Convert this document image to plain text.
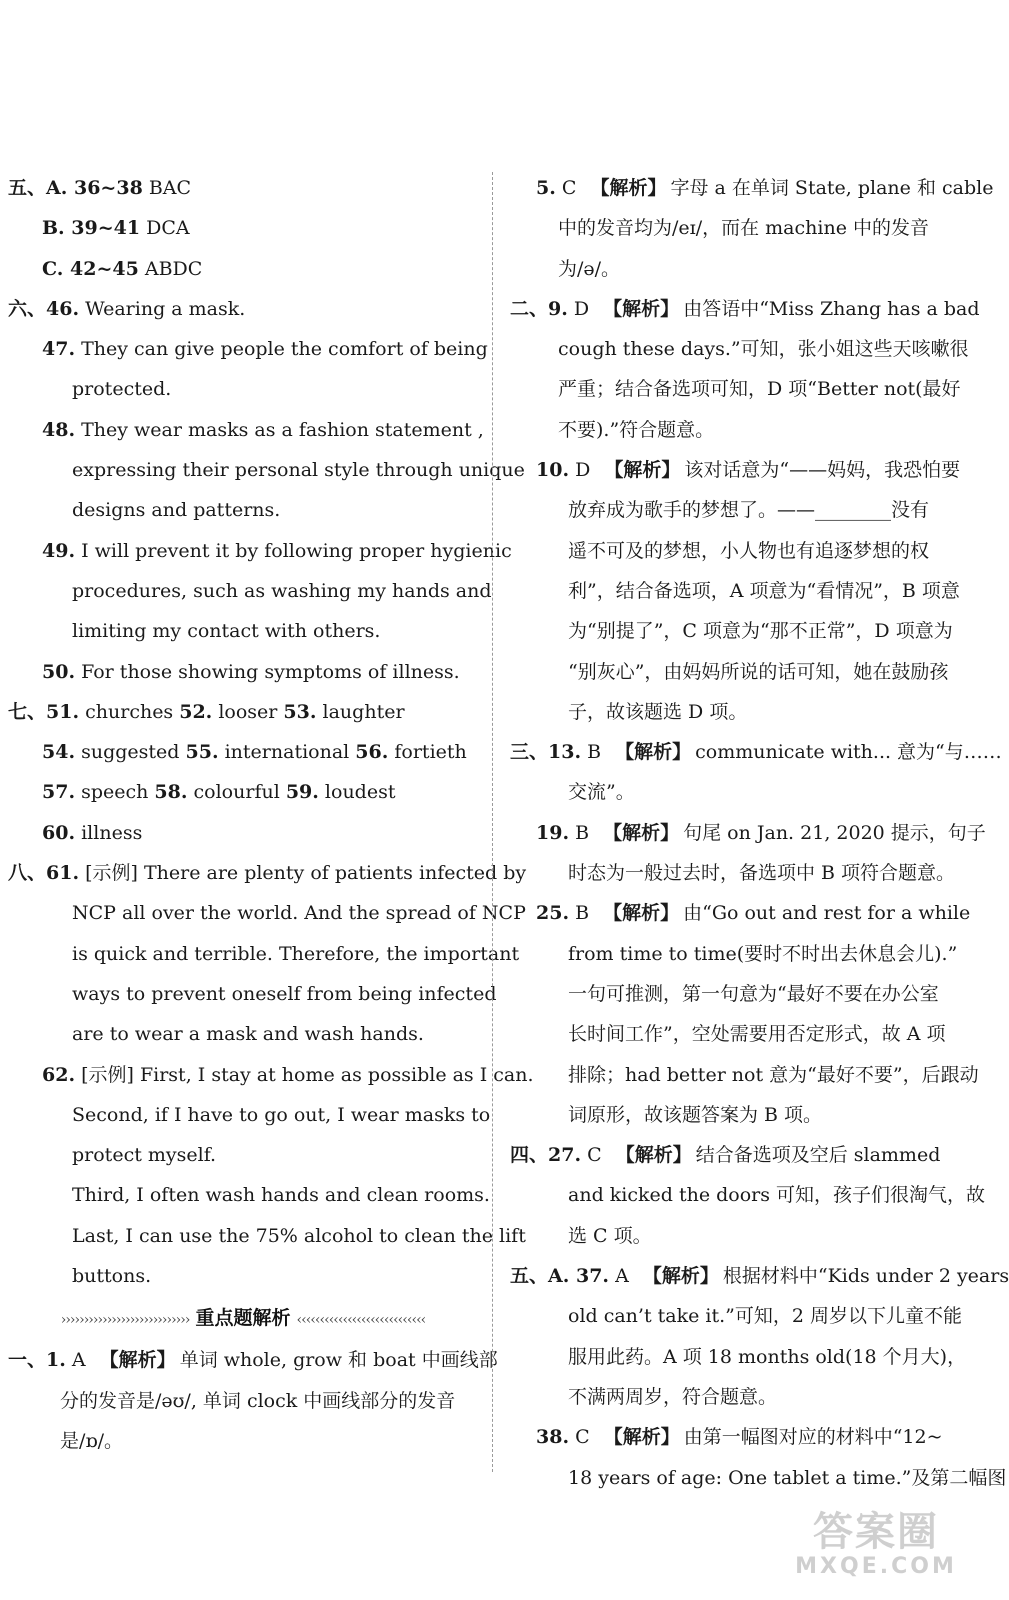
五、A. 36~38 BAC
B. 39~41 DCA
C. 42~45 ABDC
六、46. Wearing a mask.
47. They can give people the comfort of being
protected.
48. They wear masks as a fashion statement ,
expressing their personal style through unique
designs and patterns.
49. I will prevent it by following proper hygienic
procedures, such as washing my hands and
limiting my contact with others.
50. For those showing symptoms of illness.
七、51. churches 52. looser 53. laughter
54. suggested 55. international 56. fortieth
57. speech 58. colourful 59. loudest
60. illness
八、61. [示例] There are plenty of patients infected by
NCP all over the world. And the spread of NCP
is quick and terrible. Therefore, the important
ways to prevent oneself from being infected
are to wear a mask and wash hands.
62. [示例] First, I stay at home as possible as I can.
Second, if I have to go out, I wear masks to
protect myself.
Third, I often wash hands and clean rooms.
Last, I can use the 75% alcohol to clean the lift
buttons.
›››››››››››››››››››››››››››› 重点题解析 ‹‹‹‹‹‹‹‹‹‹‹‹‹‹‹‹‹‹‹‹‹‹‹‹‹‹‹‹
一、1. A 【解析】 单词 whole, grow 和 boat 中画线部
分的发音是/əʊ/, 单词 clock 中画线部分的发音
是/ɒ/。
5. C 【解析】 字母 a 在单词 State, plane 和 cable
中的发音均为/eɪ/，而在 machine 中的发音
为/ə/。
二、9. D 【解析】 由答语中“Miss Zhang has a bad
cough these days.”可知，张小姐这些天咳嗽很
严重；结合备选项可知，D 项“Better not(最好
不要).”符合题意。
10. D 【解析】 该对话意为“——妈妈，我恐怕要
放弃成为歌手的梦想了。——________没有
遥不可及的梦想，小人物也有追逐梦想的权
利”，结合备选项，A 项意为“看情况”，B 项意
为“别提了”，C 项意为“那不正常”，D 项意为
“别灰心”，由妈妈所说的话可知，她在鼓励孩
子，故该题选 D 项。
三、13. B 【解析】 communicate with... 意为“与……
交流”。
19. B 【解析】 句尾 on Jan. 21, 2020 提示，句子
时态为一般过去时，备选项中 B 项符合题意。
25. B 【解析】 由“Go out and rest for a while
from time to time(要时不时出去休息会儿).”
一句可推测，第一句意为“最好不要在办公室
长时间工作”，空处需要用否定形式，故 A 项
排除；had better not 意为“最好不要”，后跟动
词原形，故该题答案为 B 项。
四、27. C 【解析】 结合备选项及空后 slammed
and kicked the doors 可知，孩子们很淘气，故
选 C 项。
五、A. 37. A 【解析】 根据材料中“Kids under 2 years
old can’t take it.”可知，2 周岁以下儿童不能
服用此药。A 项 18 months old(18 个月大)，
不满两周岁，符合题意。
38. C 【解析】 由第一幅图对应的材料中“12~
18 years of age: One tablet a time.”及第二幅图
答案圈
MXQE.COM
